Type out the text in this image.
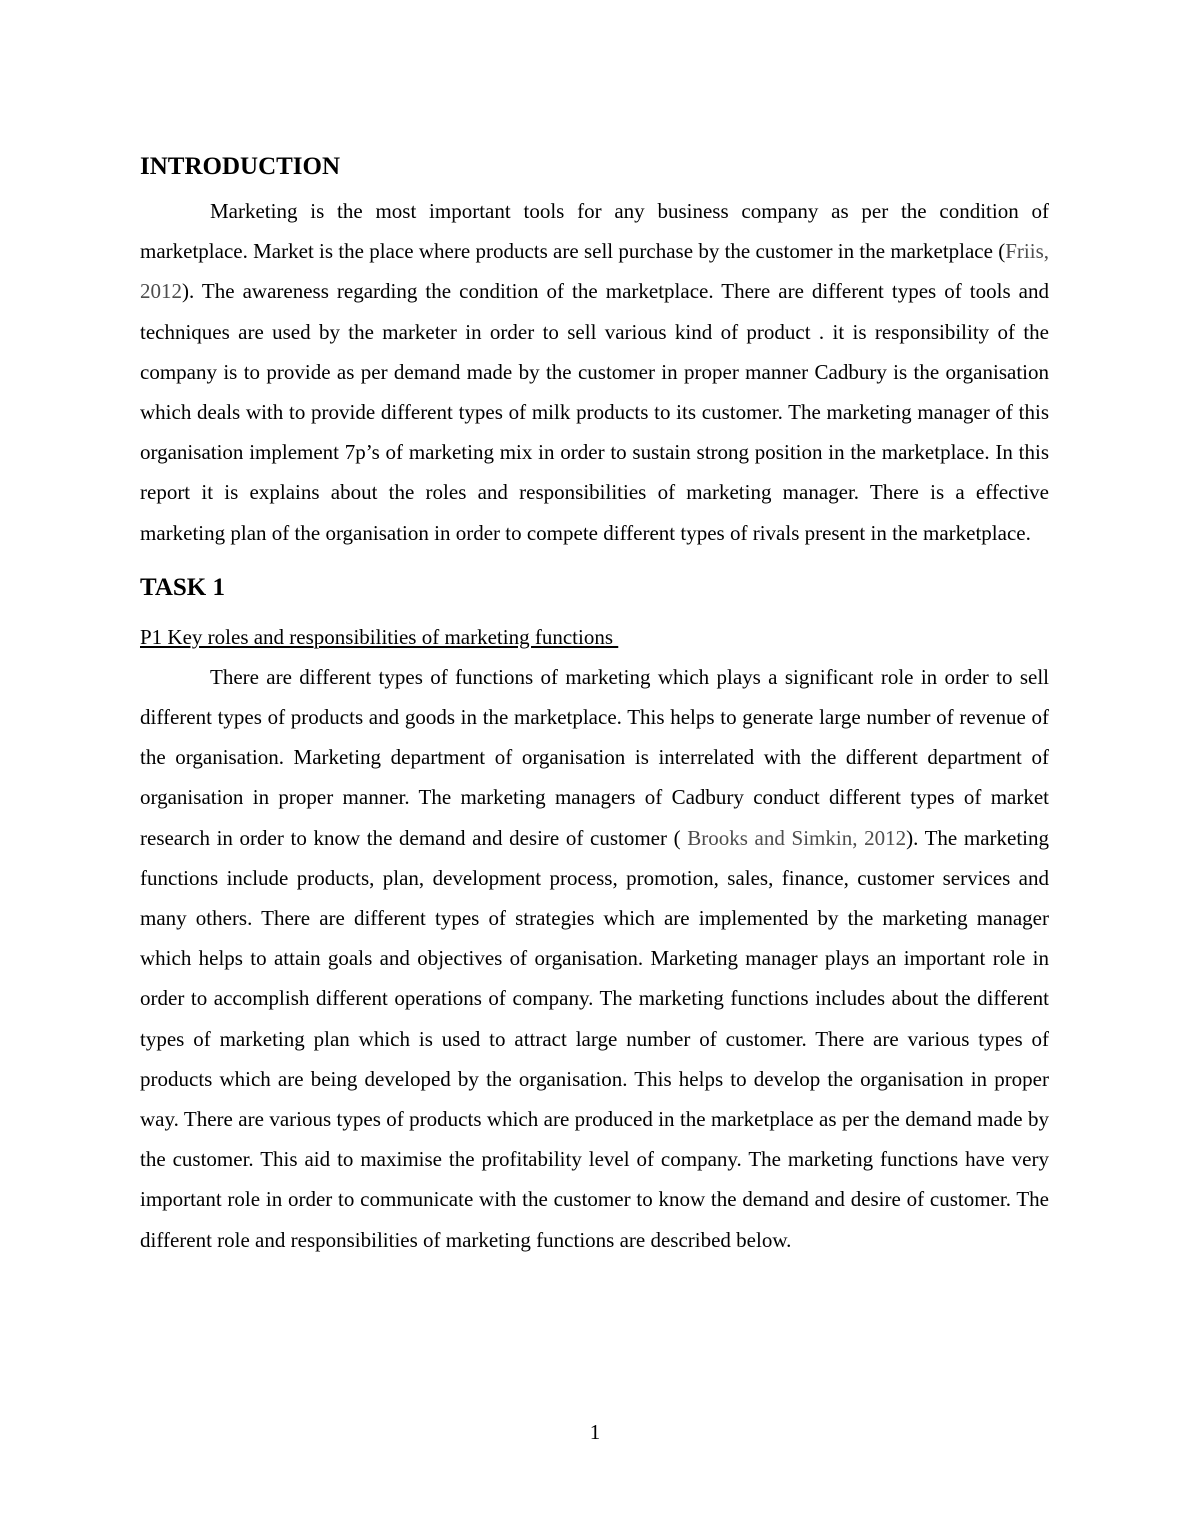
INTRODUCTION

Marketing is the most important tools for any business company as per the condition of marketplace. Market is the place where products are sell purchase by the customer in the marketplace (Friis, 2012). The awareness regarding the condition of the marketplace. There are different types of tools and techniques are used by the marketer in order to sell various kind of product . it is responsibility of the company is to provide as per demand made by the customer in proper manner Cadbury is the organisation which deals with to provide different types of milk products to its customer. The marketing manager of this organisation implement 7p’s of marketing mix in order to sustain strong position in the marketplace. In this report it is explains about the roles and responsibilities of marketing manager. There is a effective marketing plan of the organisation in order to compete different types of rivals present in the marketplace.

TASK 1
P1 Key roles and responsibilities of marketing functions

There are different types of functions of marketing which plays a significant role in order to sell different types of products and goods in the marketplace. This helps to generate large number of revenue of the organisation. Marketing department of organisation is interrelated with the different department of organisation in proper manner. The marketing managers of Cadbury conduct different types of market research in order to know the demand and desire of customer ( Brooks and Simkin, 2012). The marketing functions include products, plan, development process, promotion, sales, finance, customer services and many others. There are different types of strategies which are implemented by the marketing manager which helps to attain goals and objectives of organisation. Marketing manager plays an important role in order to accomplish different operations of company. The marketing functions includes about the different types of marketing plan which is used to attract large number of customer. There are various types of products which are being developed by the organisation. This helps to develop the organisation in proper way. There are various types of products which are produced in the marketplace as per the demand made by the customer. This aid to maximise the profitability level of company. The marketing functions have very important role in order to communicate with the customer to know the demand and desire of customer. The different role and responsibilities of marketing functions are described below.

1
